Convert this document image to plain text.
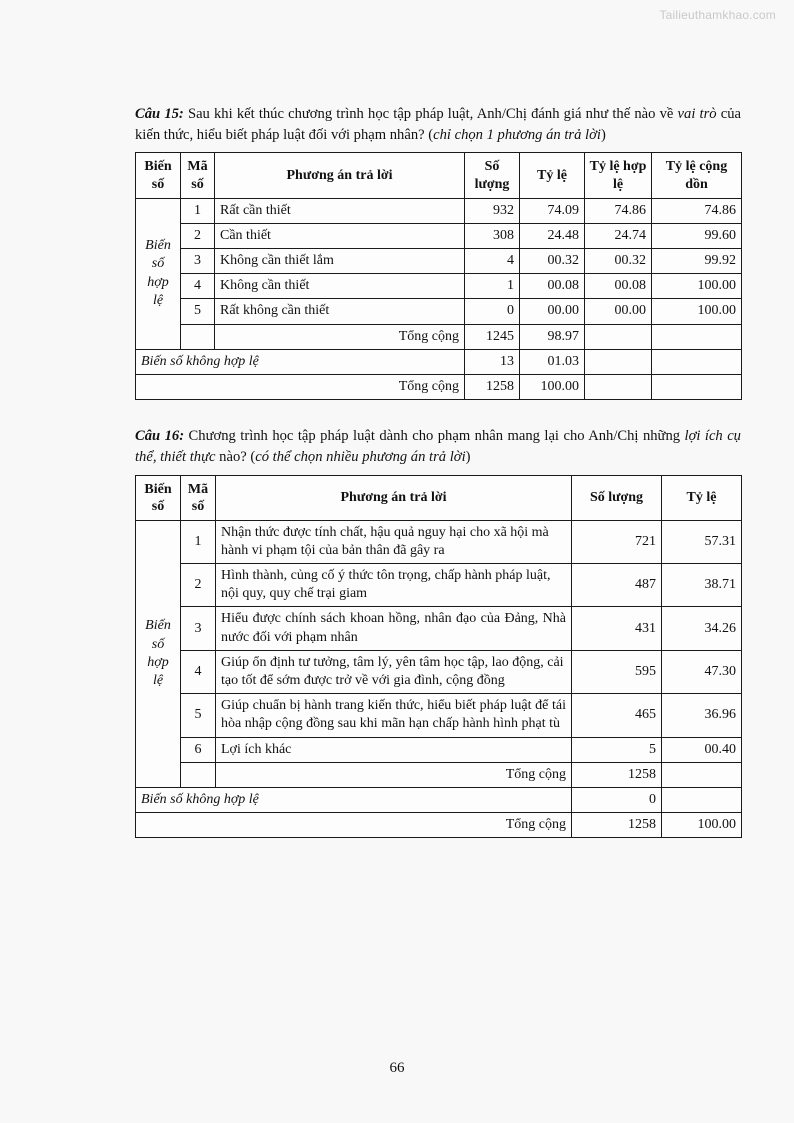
Tailieuthamkhao.com

Câu 15: Sau khi kết thúc chương trình học tập pháp luật, Anh/Chị đánh giá như thế nào về vai trò của kiến thức, hiểu biết pháp luật đối với phạm nhân? (chỉ chọn 1 phương án trả lời)

Biến số	Mã số	Phương án trả lời	Số lượng	Tỷ lệ	Tỷ lệ hợp lệ	Tỷ lệ cộng dồn

Biến
số
hợp
lệ	1	Rất cần thiết	932	74.09	74.86	74.86
	2	Cần thiết	308	24.48	24.74	99.60
	3	Không cần thiết lắm	4	00.32	00.32	99.92
	4	Không cần thiết	1	00.08	00.08	100.00
	5	Rất không cần thiết	0	00.00	00.00	100.00
		Tổng cộng	1245	98.97		
Biến số không hợp lệ			13	01.03		
Tổng cộng			1258	100.00		

Câu 16: Chương trình học tập pháp luật dành cho phạm nhân mang lại cho Anh/Chị những lợi ích cụ thể, thiết thực nào? (có thể chọn nhiều phương án trả lời)

Biến số	Mã số	Phương án trả lời	Số lượng	Tỷ lệ

Biến
số
hợp
lệ	1	Nhận thức được tính chất, hậu quả nguy hại cho xã hội mà hành vi phạm tội của bản thân đã gây ra	721	57.31
	2	Hình thành, củng cố ý thức tôn trọng, chấp hành pháp luật, nội quy, quy chế trại giam	487	38.71
	3	Hiểu được chính sách khoan hồng, nhân đạo của Đảng, Nhà nước đối với phạm nhân	431	34.26
	4	Giúp ổn định tư tưởng, tâm lý, yên tâm học tập, lao động, cải tạo tốt để sớm được trở về với gia đình, cộng đồng	595	47.30
	5	Giúp chuẩn bị hành trang kiến thức, hiểu biết pháp luật để tái hòa nhập cộng đồng sau khi mãn hạn chấp hành hình phạt tù	465	36.96
	6	Lợi ích khác	5	00.40
		Tổng cộng	1258	
Biến số không hợp lệ			0	
Tổng cộng			1258	100.00
66
